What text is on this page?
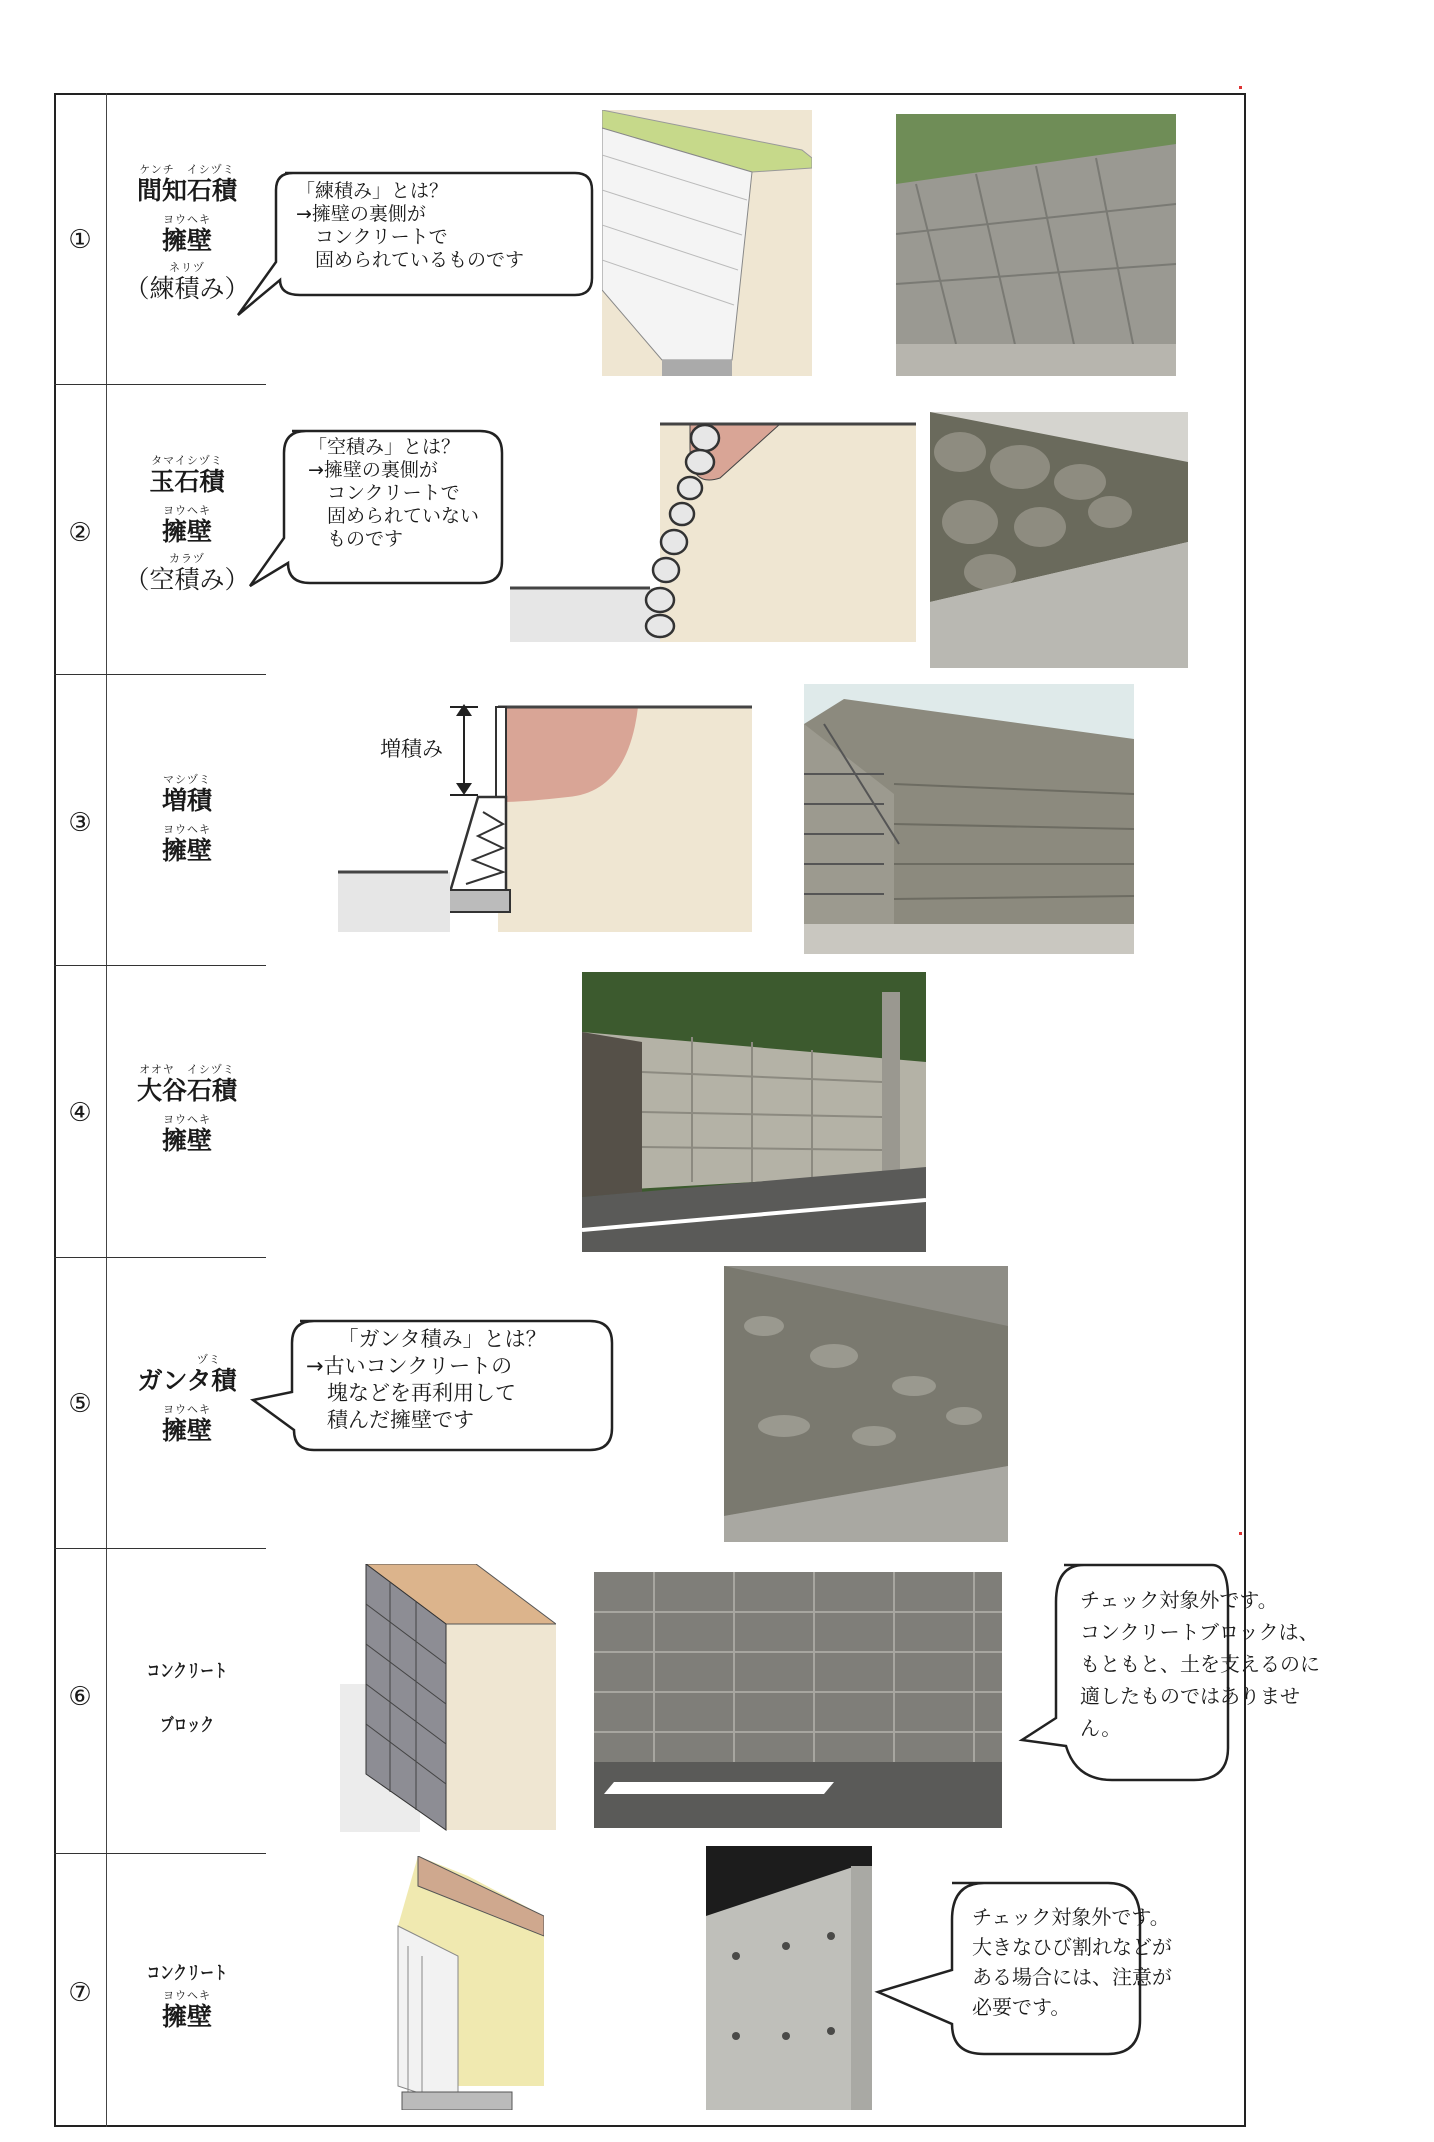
①
ケンチ　イシヅミ
間知石積
ヨウヘキ
擁壁
ネリヅ
（練積み）
「練積み」とは？
→擁壁の裏側が
　コンクリートで
　固められているものです
②
タマイシヅミ
玉石積
ヨウヘキ
擁壁
カラヅ
（空積み）
「空積み」とは？
→擁壁の裏側が
　コンクリートで
　固められていない
　ものです
③
マシヅミ
増積
ヨウヘキ
擁壁
増積み
④
オオヤ　イシヅミ
大谷石積
ヨウヘキ
擁壁
⑤
ヅミ
ガンタ積
ヨウヘキ
擁壁
　　「ガンタ積み」とは？
→古いコンクリートの
　塊などを再利用して
　積んだ擁壁です
⑥
コンクリート
ブロック
チェック対象外です。
コンクリートブロックは、
もともと、土を支えるのに
適したものではありませ
ん。
⑦
コンクリート
ヨウヘキ
擁壁
チェック対象外です。
大きなひび割れなどが
ある場合には、注意が
必要です。
